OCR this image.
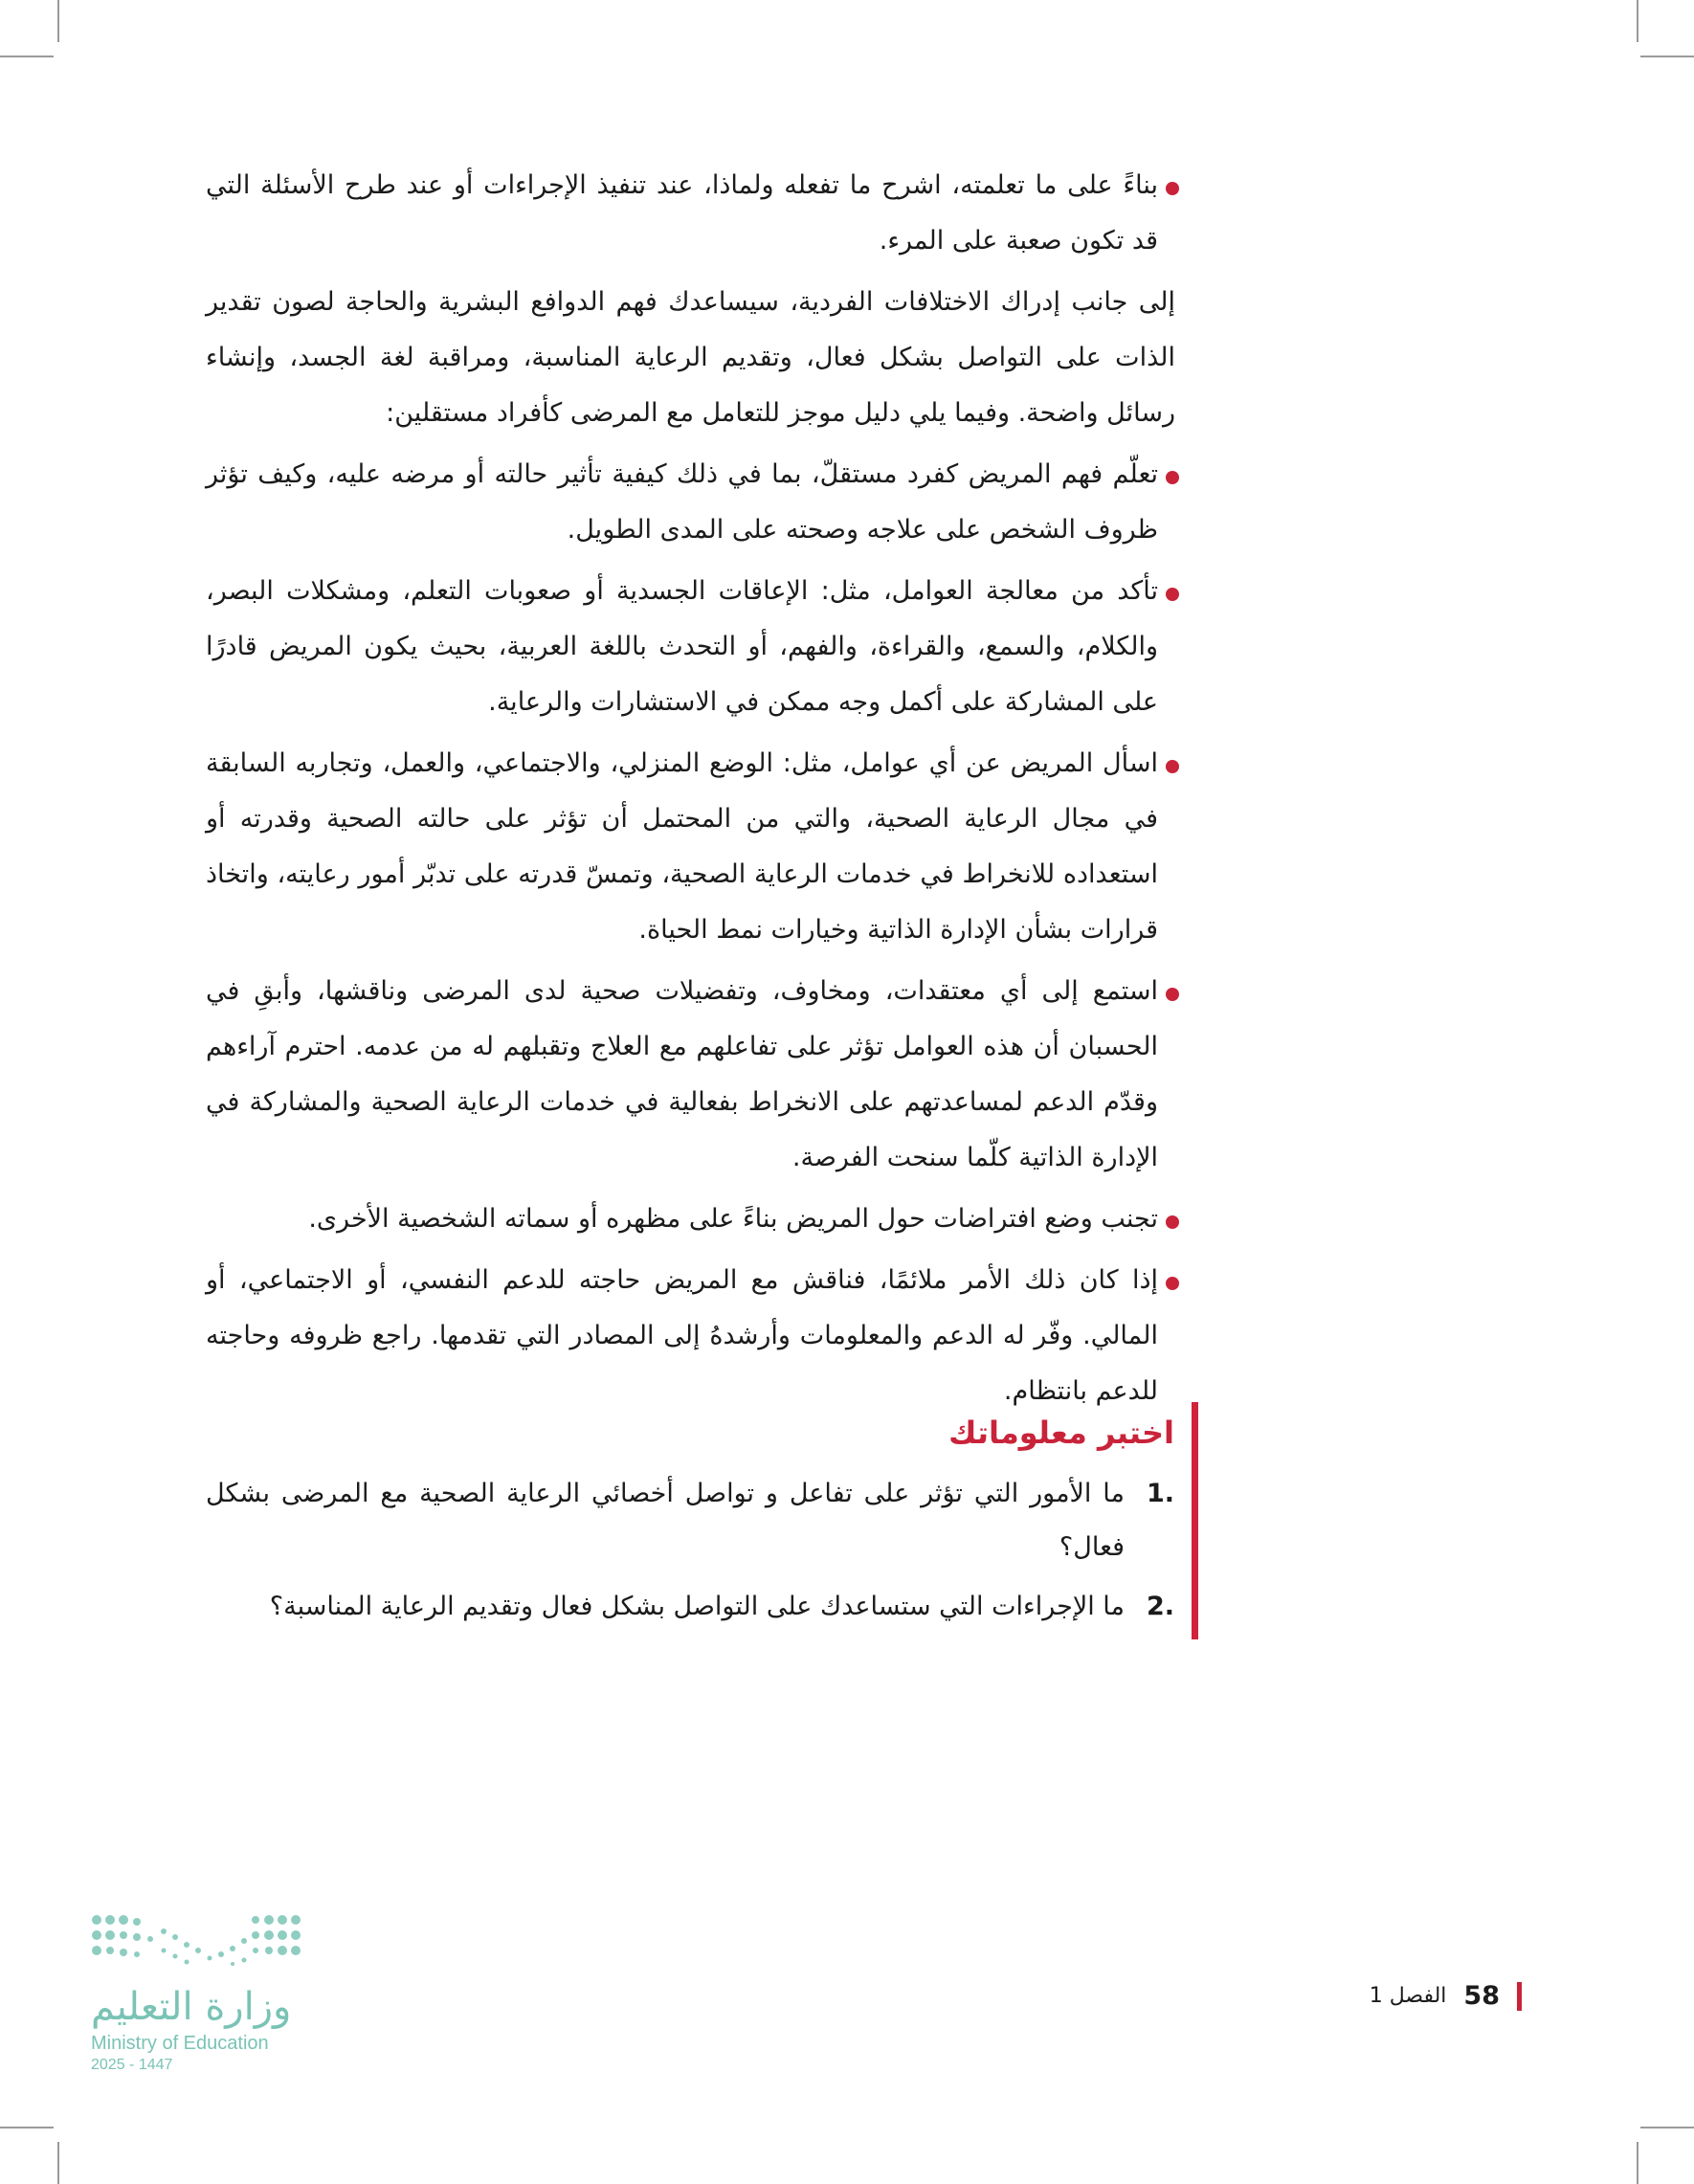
بناءً على ما تعلمته، اشرح ما تفعله ولماذا، عند تنفيذ الإجراءات أو عند طرح الأسئلة التي قد تكون صعبة على المرء.
إلى جانب إدراك الاختلافات الفردية، سيساعدك فهم الدوافع البشرية والحاجة لصون تقدير الذات على التواصل بشكل فعال، وتقديم الرعاية المناسبة، ومراقبة لغة الجسد، وإنشاء رسائل واضحة. وفيما يلي دليل موجز للتعامل مع المرضى كأفراد مستقلين:
تعلّم فهم المريض كفرد مستقلّ، بما في ذلك كيفية تأثير حالته أو مرضه عليه، وكيف تؤثر ظروف الشخص على علاجه وصحته على المدى الطويل.
تأكد من معالجة العوامل، مثل: الإعاقات الجسدية أو صعوبات التعلم، ومشكلات البصر، والكلام، والسمع، والقراءة، والفهم، أو التحدث باللغة العربية، بحيث يكون المريض قادرًا على المشاركة على أكمل وجه ممكن في الاستشارات والرعاية.
اسأل المريض عن أي عوامل، مثل: الوضع المنزلي، والاجتماعي، والعمل، وتجاربه السابقة في مجال الرعاية الصحية، والتي من المحتمل أن تؤثر على حالته الصحية وقدرته أو استعداده للانخراط في خدمات الرعاية الصحية، وتمسّ قدرته على تدبّر أمور رعايته، واتخاذ قرارات بشأن الإدارة الذاتية وخيارات نمط الحياة.
استمع إلى أي معتقدات، ومخاوف، وتفضيلات صحية لدى المرضى وناقشها، وأبقِ في الحسبان أن هذه العوامل تؤثر على تفاعلهم مع العلاج وتقبلهم له من عدمه. احترم آراءهم وقدّم الدعم لمساعدتهم على الانخراط بفعالية في خدمات الرعاية الصحية والمشاركة في الإدارة الذاتية كلّما سنحت الفرصة.
تجنب وضع افتراضات حول المريض بناءً على مظهره أو سماته الشخصية الأخرى.
إذا كان ذلك الأمر ملائمًا، فناقش مع المريض حاجته للدعم النفسي، أو الاجتماعي، أو المالي. وفّر له الدعم والمعلومات وأرشدهُ إلى المصادر التي تقدمها. راجع ظروفه وحاجته للدعم بانتظام.
اختبر معلوماتك
.1
ما الأمور التي تؤثر على تفاعل و تواصل أخصائي الرعاية الصحية مع المرضى بشكل فعال؟
.2
ما الإجراءات التي ستساعدك على التواصل بشكل فعال وتقديم الرعاية المناسبة؟
58
الفصل 1
وزارة التعليم
Ministry of Education
2025 - 1447
